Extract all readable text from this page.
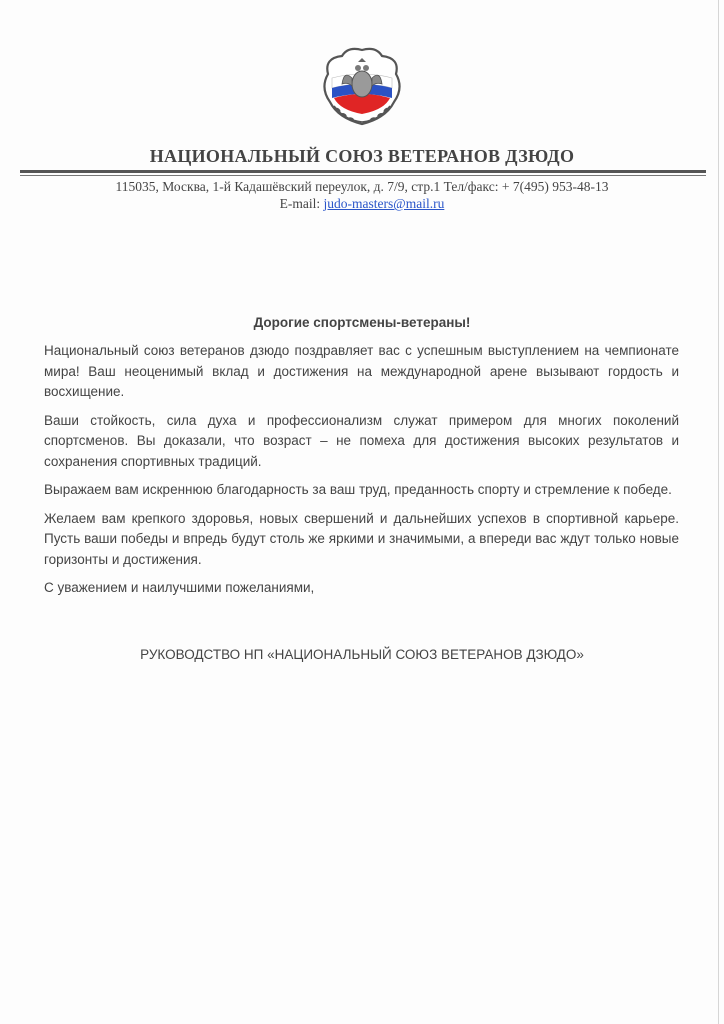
НАЦИОНАЛЬНЫЙ СОЮЗ ВЕТЕРАНОВ ДЗЮДО
115035, Москва, 1-й Кадашёвский переулок, д. 7/9, стр.1 Тел/факс: + 7(495) 953-48-13
E-mail: judo-masters@mail.ru
Дорогие спортсмены-ветераны!

Национальный союз ветеранов дзюдо поздравляет вас с успешным выступлением на чемпионате мира! Ваш неоценимый вклад и достижения на международной арене вызывают гордость и восхищение.

Ваши стойкость, сила духа и профессионализм служат примером для многих поколений спортсменов. Вы доказали, что возраст – не помеха для достижения высоких результатов и сохранения спортивных традиций.

Выражаем вам искреннюю благодарность за ваш труд, преданность спорту и стремление к победе.

Желаем вам крепкого здоровья, новых свершений и дальнейших успехов в спортивной карьере. Пусть ваши победы и впредь будут столь же яркими и значимыми, а впереди вас ждут только новые горизонты и достижения.

С уважением и наилучшими пожеланиями,

РУКОВОДСТВО НП «НАЦИОНАЛЬНЫЙ СОЮЗ ВЕТЕРАНОВ ДЗЮДО»
